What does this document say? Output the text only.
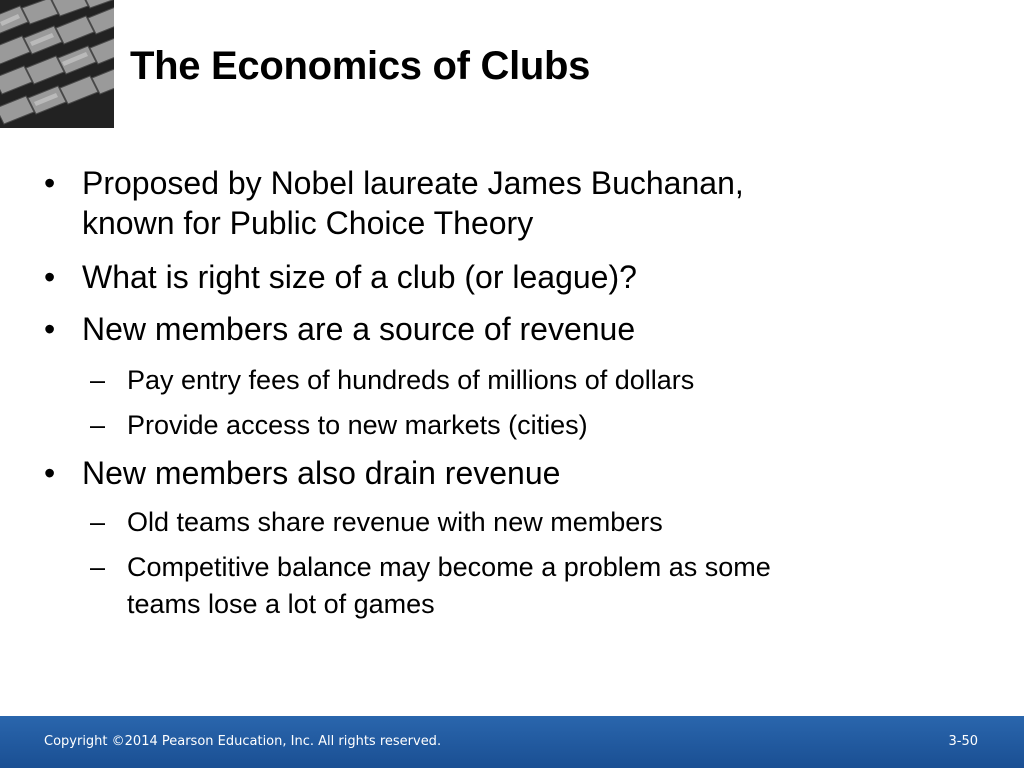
The Economics of Clubs
• Proposed by Nobel laureate James Buchanan,
known for Public Choice Theory
• What is right size of a club (or league)?
• New members are a source of revenue
– Pay entry fees of hundreds of millions of dollars
– Provide access to new markets (cities)
• New members also drain revenue
– Old teams share revenue with new members
– Competitive balance may become a problem as some
teams lose a lot of games
Copyright ©2014 Pearson Education, Inc. All rights reserved.	3-50
